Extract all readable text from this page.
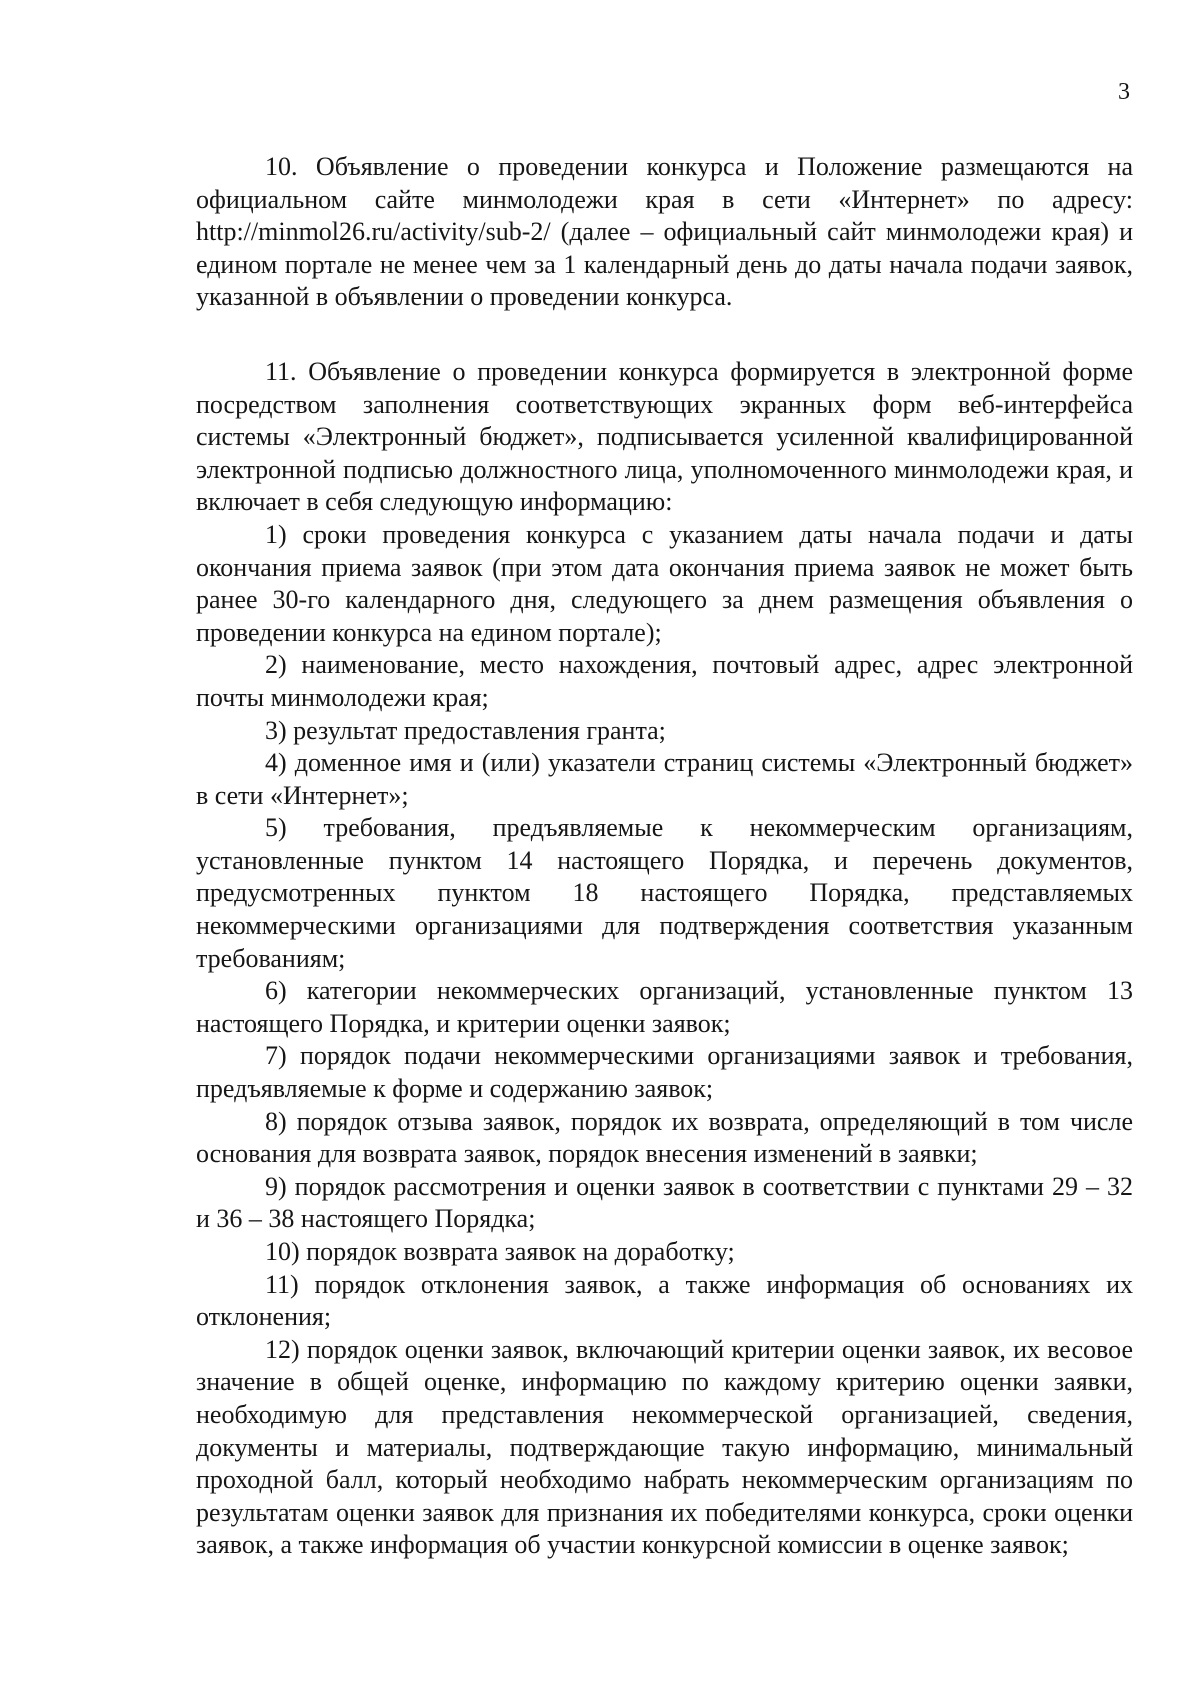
3

10. Объявление о проведении конкурса и Положение размещаются на официальном сайте минмолодежи края в сети «Интернет» по адресу: http://minmol26.ru/activity/sub-2/ (далее – официальный сайт минмолодежи края) и едином портале не менее чем за 1 календарный день до даты начала подачи заявок, указанной в объявлении о проведении конкурса.

11. Объявление о проведении конкурса формируется в электронной форме посредством заполнения соответствующих экранных форм веб-интерфейса системы «Электронный бюджет», подписывается усиленной квалифицированной электронной подписью должностного лица, уполномоченного минмолодежи края, и включает в себя следующую информацию:

1) сроки проведения конкурса с указанием даты начала подачи и даты окончания приема заявок (при этом дата окончания приема заявок не может быть ранее 30-го календарного дня, следующего за днем размещения объявления о проведении конкурса на едином портале);

2) наименование, место нахождения, почтовый адрес, адрес электронной почты минмолодежи края;

3) результат предоставления гранта;

4) доменное имя и (или) указатели страниц системы «Электронный бюджет» в сети «Интернет»;

5) требования, предъявляемые к некоммерческим организациям, установленные пунктом 14 настоящего Порядка, и перечень документов, предусмотренных пунктом 18 настоящего Порядка, представляемых некоммерческими организациями для подтверждения соответствия указанным требованиям;

6) категории некоммерческих организаций, установленные пунктом 13 настоящего Порядка, и критерии оценки заявок;

7) порядок подачи некоммерческими организациями заявок и требования, предъявляемые к форме и содержанию заявок;

8) порядок отзыва заявок, порядок их возврата, определяющий в том числе основания для возврата заявок, порядок внесения изменений в заявки;

9) порядок рассмотрения и оценки заявок в соответствии с пунктами 29 – 32 и 36 – 38 настоящего Порядка;

10) порядок возврата заявок на доработку;

11) порядок отклонения заявок, а также информация об основаниях их отклонения;

12) порядок оценки заявок, включающий критерии оценки заявок, их весовое значение в общей оценке, информацию по каждому критерию оценки заявки, необходимую для представления некоммерческой организацией, сведения, документы и материалы, подтверждающие такую информацию, минимальный проходной балл, который необходимо набрать некоммерческим организациям по результатам оценки заявок для признания их победителями конкурса, сроки оценки заявок, а также информация об участии конкурсной комиссии в оценке заявок;
